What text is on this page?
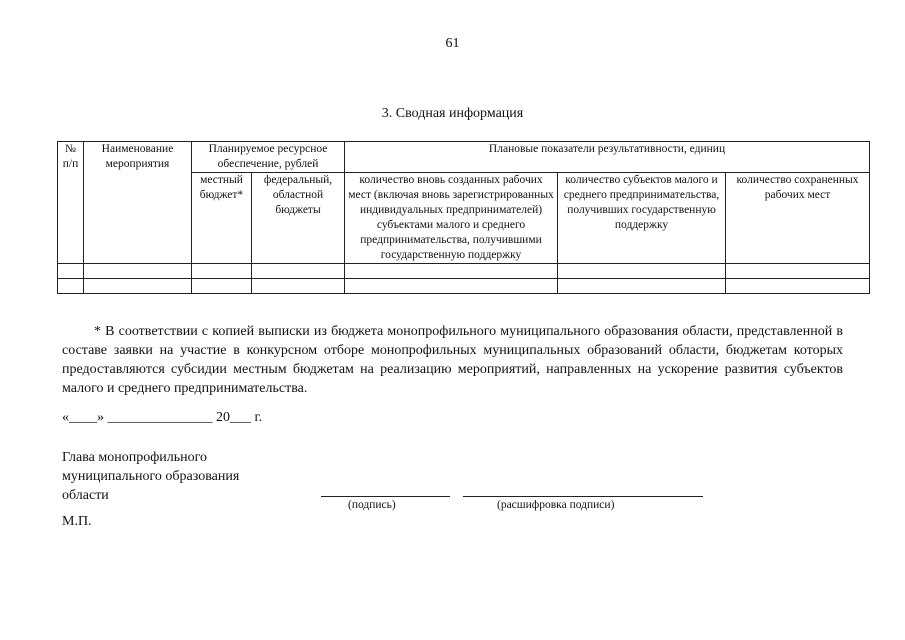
61
3. Сводная информация
№ п/п	Наименование мероприятия	Планируемое ресурсное обеспечение, рублей		Плановые показатели результативности, единиц		
		местный бюджет*	федеральный, областной бюджеты	количество вновь созданных рабочих мест (включая вновь зарегистрированных индивидуальных предпринимателей) субъектами малого и среднего предпринимательства, получившими государственную поддержку	количество субъектов малого и среднего предпринимательства, получивших государственную поддержку	количество сохраненных рабочих мест

* В соответствии с копией выписки из бюджета монопрофильного муниципального образования области, представленной в составе заявки на участие в конкурсном отборе монопрофильных муниципальных образований области, бюджетам которых предоставляются субсидии местным бюджетам на реализацию мероприятий, направленных на ускорение развития субъектов малого и среднего предпринимательства.

«____» _______________ 20___ г.
Глава монопрофильного
муниципального образования
области
(подпись)	(расшифровка подписи)
М.П.
